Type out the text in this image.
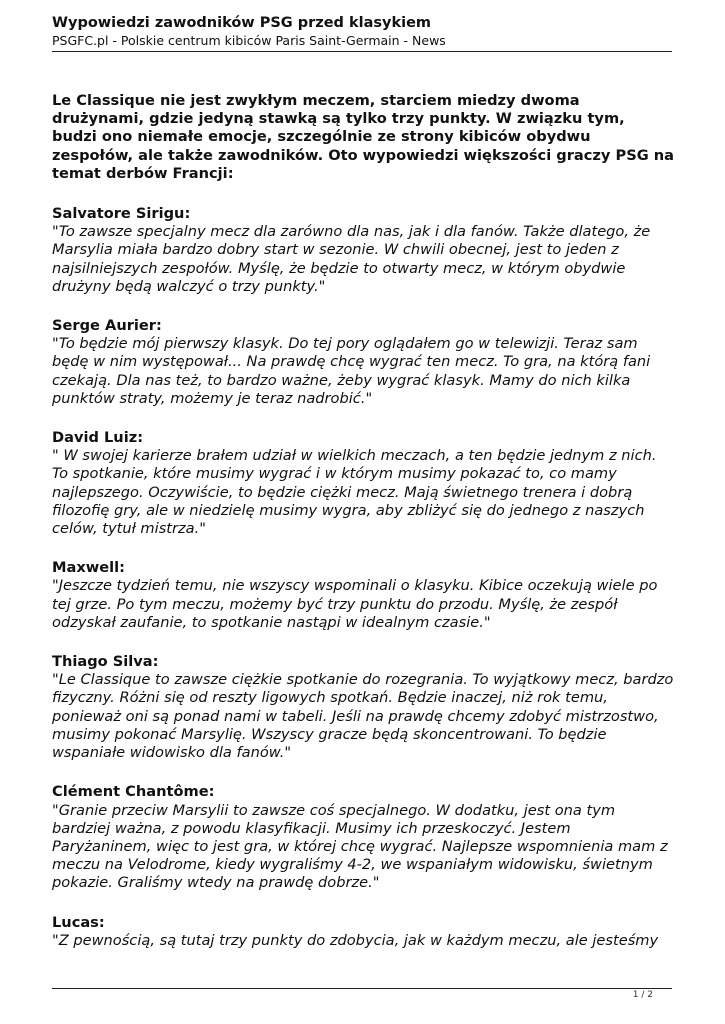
Wypowiedzi zawodników PSG przed klasykiem
PSGFC.pl - Polskie centrum kibiców Paris Saint-Germain - News

Le Classique nie jest zwykłym meczem, starciem miedzy dwoma drużynami, gdzie jedyną stawką są tylko trzy punkty. W związku tym, budzi ono niemałe emocje, szczególnie ze strony kibiców obydwu zespołów, ale także zawodników. Oto wypowiedzi większości graczy PSG na temat derbów Francji:

Salvatore Sirigu:
"To zawsze specjalny mecz dla zarówno dla nas, jak i dla fanów. Także dlatego, że Marsylia miała bardzo dobry start w sezonie. W chwili obecnej, jest to jeden z najsilniejszych zespołów. Myślę, że będzie to otwarty mecz, w którym obydwie drużyny będą walczyć o trzy punkty."
Serge Aurier:
"To będzie mój pierwszy klasyk. Do tej pory oglądałem go w telewizji. Teraz sam będę w nim występował... Na prawdę chcę wygrać ten mecz. To gra, na którą fani czekają. Dla nas też, to bardzo ważne, żeby wygrać klasyk. Mamy do nich kilka punktów straty, możemy je teraz nadrobić."
David Luiz:
" W swojej karierze brałem udział w wielkich meczach, a ten będzie jednym z nich. To spotkanie, które musimy wygrać i w którym musimy pokazać to, co mamy najlepszego. Oczywiście, to będzie ciężki mecz. Mają świetnego trenera i dobrą filozofię gry, ale w niedzielę musimy wygra, aby zbliżyć się do jednego z naszych celów, tytuł mistrza."
Maxwell:
"Jeszcze tydzień temu, nie wszyscy wspominali o klasyku. Kibice oczekują wiele po tej grze. Po tym meczu, możemy być trzy punktu do przodu. Myślę, że zespół odzyskał zaufanie, to spotkanie nastąpi w idealnym czasie."
Thiago Silva:
"Le Classique to zawsze ciężkie spotkanie do rozegrania. To wyjątkowy mecz, bardzo fizyczny. Różni się od reszty ligowych spotkań. Będzie inaczej, niż rok temu, ponieważ oni są ponad nami w tabeli. Jeśli na prawdę chcemy zdobyć mistrzostwo, musimy pokonać Marsylię. Wszyscy gracze będą skoncentrowani. To będzie wspaniałe widowisko dla fanów."
Clément Chantôme:
"Granie przeciw Marsylii to zawsze coś specjalnego. W dodatku, jest ona tym bardziej ważna, z powodu klasyfikacji. Musimy ich przeskoczyć. Jestem Paryżaninem, więc to jest gra, w której chcę wygrać. Najlepsze wspomnienia mam z meczu na Velodrome, kiedy wygraliśmy 4-2, we wspaniałym widowisku, świetnym pokazie. Graliśmy wtedy na prawdę dobrze."
Lucas:
"Z pewnością, są tutaj trzy punkty do zdobycia, jak w każdym meczu, ale jesteśmy
1 / 2
